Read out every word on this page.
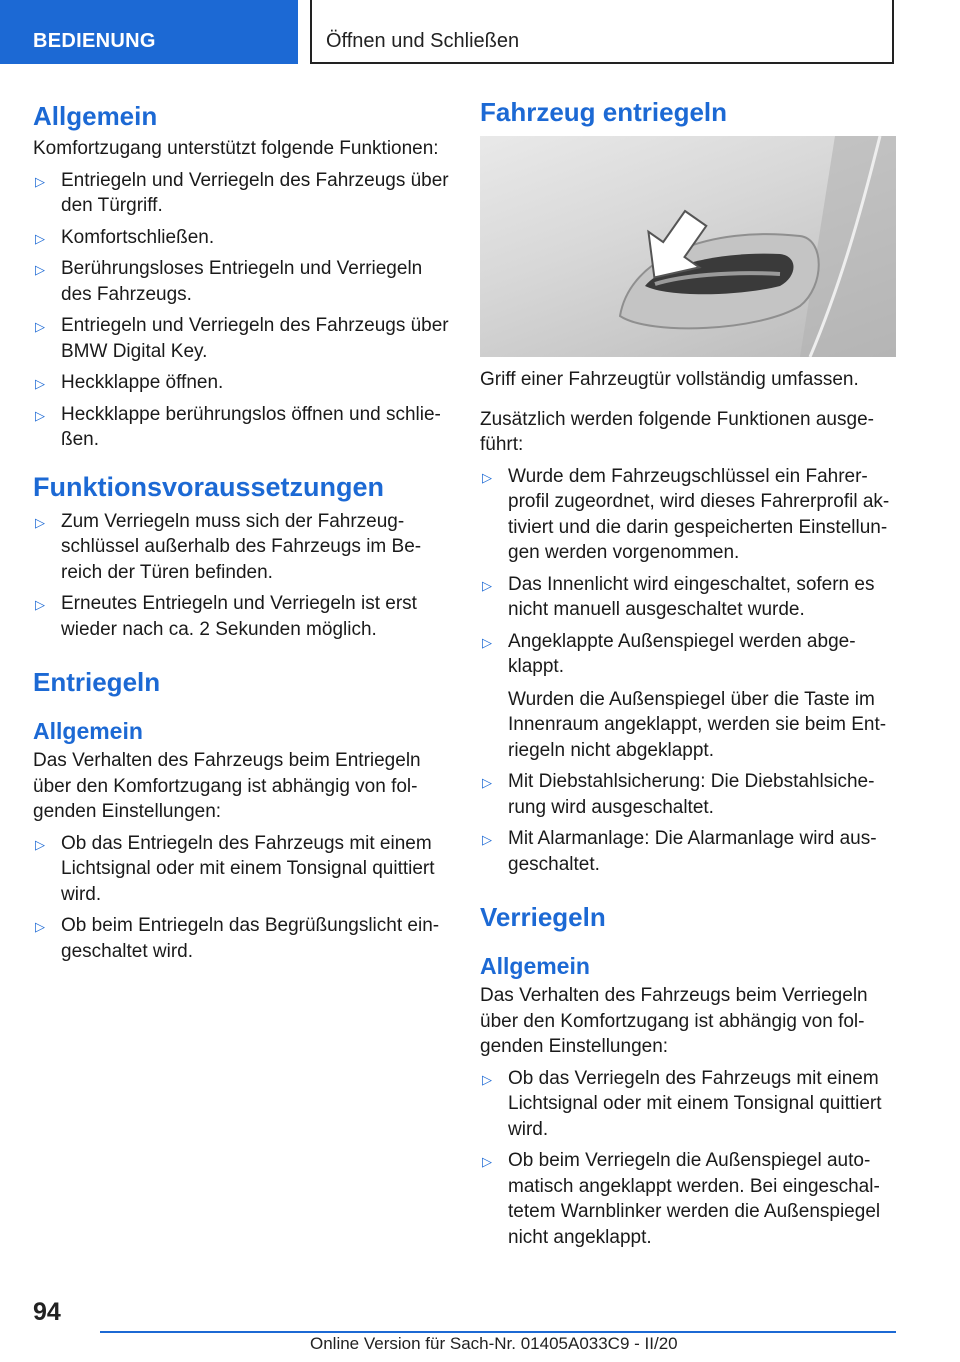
BEDIENUNG	Öffnen und Schließen
Allgemein

Komfortzugang unterstützt folgende Funktionen:

▷ Entriegeln und Verriegeln des Fahrzeugs über den Türgriff.
▷ Komfortschließen.
▷ Berührungsloses Entriegeln und Verriegeln des Fahrzeugs.
▷ Entriegeln und Verriegeln des Fahrzeugs über BMW Digital Key.
▷ Heckklappe öffnen.
▷ Heckklappe berührungslos öffnen und schlie‐ ßen.
Funktionsvoraussetzungen
▷ Zum Verriegeln muss sich der Fahrzeug‐ schlüssel außerhalb des Fahrzeugs im Be‐ reich der Türen befinden.
▷ Erneutes Entriegeln und Verriegeln ist erst wieder nach ca. 2 Sekunden möglich.
Entriegeln
Allgemein

Das Verhalten des Fahrzeugs beim Entriegeln über den Komfortzugang ist abhängig von fol‐ genden Einstellungen:

▷ Ob das Entriegeln des Fahrzeugs mit einem Lichtsignal oder mit einem Tonsignal quittiert wird.
▷ Ob beim Entriegeln das Begrüßungslicht ein‐ geschaltet wird.
Fahrzeug entriegeln

Griff einer Fahrzeugtür vollständig umfassen.

Zusätzlich werden folgende Funktionen ausge‐ führt:

▷ Wurde dem Fahrzeugschlüssel ein Fahrer‐ profil zugeordnet, wird dieses Fahrerprofil ak‐ tiviert und die darin gespeicherten Einstellun‐ gen werden vorgenommen.
▷ Das Innenlicht wird eingeschaltet, sofern es nicht manuell ausgeschaltet wurde.
▷ Angeklappte Außenspiegel werden abge‐ klappt.
Wurden die Außenspiegel über die Taste im Innenraum angeklappt, werden sie beim Ent‐ riegeln nicht abgeklappt.
▷ Mit Diebstahlsicherung: Die Diebstahlsiche‐ rung wird ausgeschaltet.
▷ Mit Alarmanlage: Die Alarmanlage wird aus‐ geschaltet.
Verriegeln
Allgemein

Das Verhalten des Fahrzeugs beim Verriegeln über den Komfortzugang ist abhängig von fol‐ genden Einstellungen:

▷ Ob das Verriegeln des Fahrzeugs mit einem Lichtsignal oder mit einem Tonsignal quittiert wird.
▷ Ob beim Verriegeln die Außenspiegel auto‐ matisch angeklappt werden. Bei eingeschal‐ tetem Warnblinker werden die Außenspiegel nicht angeklappt.
94
Online Version für Sach-Nr. 01405A033C9 - II/20
